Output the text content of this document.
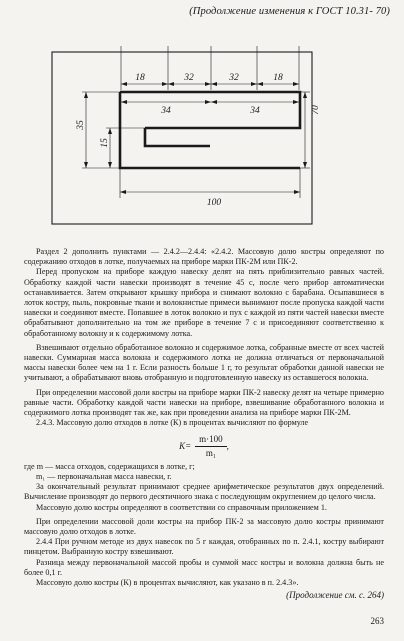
(Продолжение изменения к ГОСТ 10.31- 70)
18	32	32	18
34	34
100
35
15
70

Раздел 2 дополнить пунктами — 2.4.2—2.4.4: «2.4.2. Массовую долю костры определяют по содержанию отходов в лотке, получаемых на приборе марки ПК-2М или ПК-2.

Перед пропуском на приборе каждую навеску делят на пять приблизительно равных частей. Обработку каждой части навески производят в течение 45 с, после чего прибор автоматически останавливается. Затем открывают крышку прибора и снимают волокно с барабана. Осыпавшиеся в лоток костру, пыль, покровные ткани и волокнистые примеси вынимают после пропуска каждой части навески и соединяют вместе. Попавшее в лоток волокно и пух с каждой из пяти частей навески вместе обрабатывают дополнительно на том же приборе в течение 7 с и присоединяют соответственно к обработанному волокну и к содержимому лотка.

Взвешивают отдельно обработанное волокно и содержимое лотка, собранные вместе от всех частей навески. Суммарная масса волокна и содержимого лотка не должна отличаться от первоначальной массы навески более чем на 1 г. Если разность больше 1 г, то результат обработки данной навески не учитывают, а обрабатывают вновь отобранную и подготовленную навеску из оставшегося волокна.

При определении массовой доли костры на приборе марки ПК-2 навеску делят на четыре примерно равные части. Обработку каждой части навески на приборе, взвешивание обработанного волокна и содержимого лотка производят так же, как при проведении анализа на приборе марки ПК-2М.

2.4.3. Массовую долю отходов в лотке (К) в процентах вычисляют по формуле

$K= \frac{m\cdot 100}{\text{m₁}}$ ,

где m — масса отходов, содержащихся в лотке, г;

m₁ — первоначальная масса навески, г.

За окончательный результат принимают среднее арифметическое результатов двух определений. Вычисление производят до первого десятичного знака с последующим округлением до целого числа.

Массовую долю костры определяют в соответствии со справочным приложением 1.

При определении массовой доли костры на прибор ПК-2 за массовую долю костры принимают массовую долю отходов в лотке.

2.4.4 При ручном методе из двух навесок по 5 г каждая, отобранных по п. 2.4.1, костру выбирают пинцетом. Выбранную костру взвешивают.

Разница между первоначальной массой пробы и суммой масс костры и волокна должна быть не более 0,1 г.

Массовую долю костры (К) в процентах вычисляют, как указано в п. 2.4.3».

(Продолжение см. с. 264)
263
